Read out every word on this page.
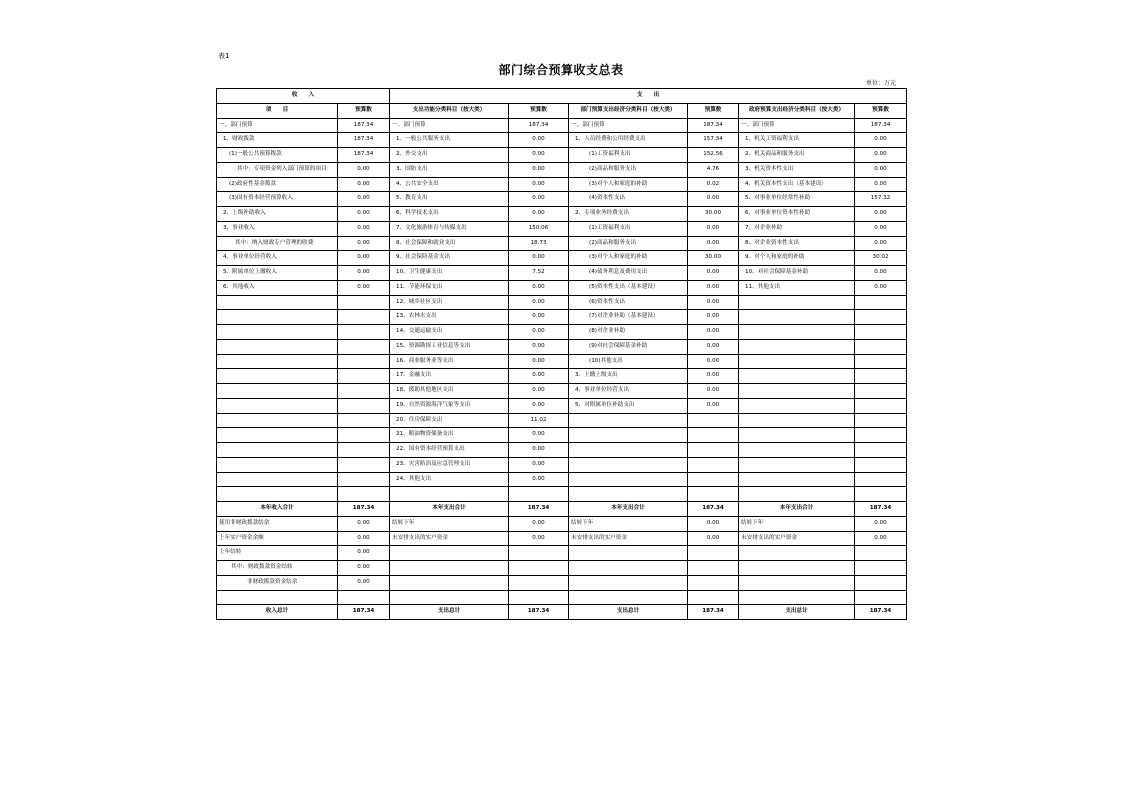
表1
部门综合预算收支总表
单位：万元
收　　入		支　　出					
项　　目	预算数	支出功能分类科目（按大类）	预算数	部门预算支出经济分类科目（按大类）	预算数	政府预算支出经济分类科目（按大类）	预算数
一、部门预算	187.34	一、部门预算	187.34	一、部门预算	187.34	一、部门预算	187.34
1、财政拨款	187.34	1、一般公共服务支出	0.00	1、人员经费和公用经费支出	157.34	1、机关工资福利支出	0.00
(1)一般公共预算拨款	187.34	2、外交支出	0.00	(1)工资福利支出	152.56	2、机关商品和服务支出	0.00
其中：专项资金列入部门预算的项目	0.00	3、国防支出	0.00	(2)商品和服务支出	4.76	3、机关资本性支出	0.00
(2)政府性基金拨款	0.00	4、公共安全支出	0.00	(3)对个人和家庭的补助	0.02	4、机关资本性支出（基本建设）	0.00
(3)国有资本经营预算收入	0.00	5、教育支出	0.00	(4)资本性支出	0.00	5、对事业单位经常性补助	157.32
2、上级补助收入	0.00	6、科学技术支出	0.00	2、专项业务经费支出	30.00	6、对事业单位资本性补助	0.00
3、事业收入	0.00	7、文化旅游体育与传媒支出	150.06	(1)工资福利支出	0.00	7、对企业补助	0.00
其中：纳入财政专户管理的收费	0.00	8、社会保障和就业支出	18.73	(2)商品和服务支出	0.00	8、对企业资本性支出	0.00
4、事业单位经营收入	0.00	9、社会保险基金支出	0.00	(3)对个人和家庭的补助	30.00	9、对个人和家庭的补助	30.02
5、附属单位上缴收入	0.00	10、卫生健康支出	7.52	(4)债务利息及费用支出	0.00	10、对社会保障基金补助	0.00
6、其他收入	0.00	11、节能环保支出	0.00	(5)资本性支出（基本建设）	0.00	11、其他支出	0.00
		12、城乡社区支出	0.00	(6)资本性支出	0.00		
		13、农林水支出	0.00	(7)对企业补助（基本建设）	0.00		
		14、交通运输支出	0.00	(8)对企业补助	0.00		
		15、资源勘探工业信息等支出	0.00	(9)对社会保障基金补助	0.00		
		16、商业服务业等支出	0.00	(10)其他支出	0.00		
		17、金融支出	0.00	3、上缴上级支出	0.00		
		18、援助其他地区支出	0.00	4、事业单位经营支出	0.00		
		19、自然资源海洋气象等支出	0.00	5、对附属单位补助支出	0.00		
		20、住房保障支出	11.02				
		21、粮油物资储备支出	0.00				
		22、国有资本经营预算支出	0.00				
		23、灾害防治及应急管理支出	0.00				
		24、其他支出	0.00				

本年收入合计	187.34	本年支出合计	187.34	本年支出合计	187.34	本年支出合计	187.34
使用非财政拨款结余	0.00	结转下年	0.00	结转下年	0.00	结转下年	0.00
上年实户资金余额	0.00	未安排支出的实户资金	0.00	未安排支出的实户资金	0.00	未安排支出的实户资金	0.00
上年结转	0.00						
其中：财政拨款资金结转	0.00						
非财政拨款资金结余	0.00						

收入总计	187.34	支出总计	187.34	支出总计	187.34	支出总计	187.34
